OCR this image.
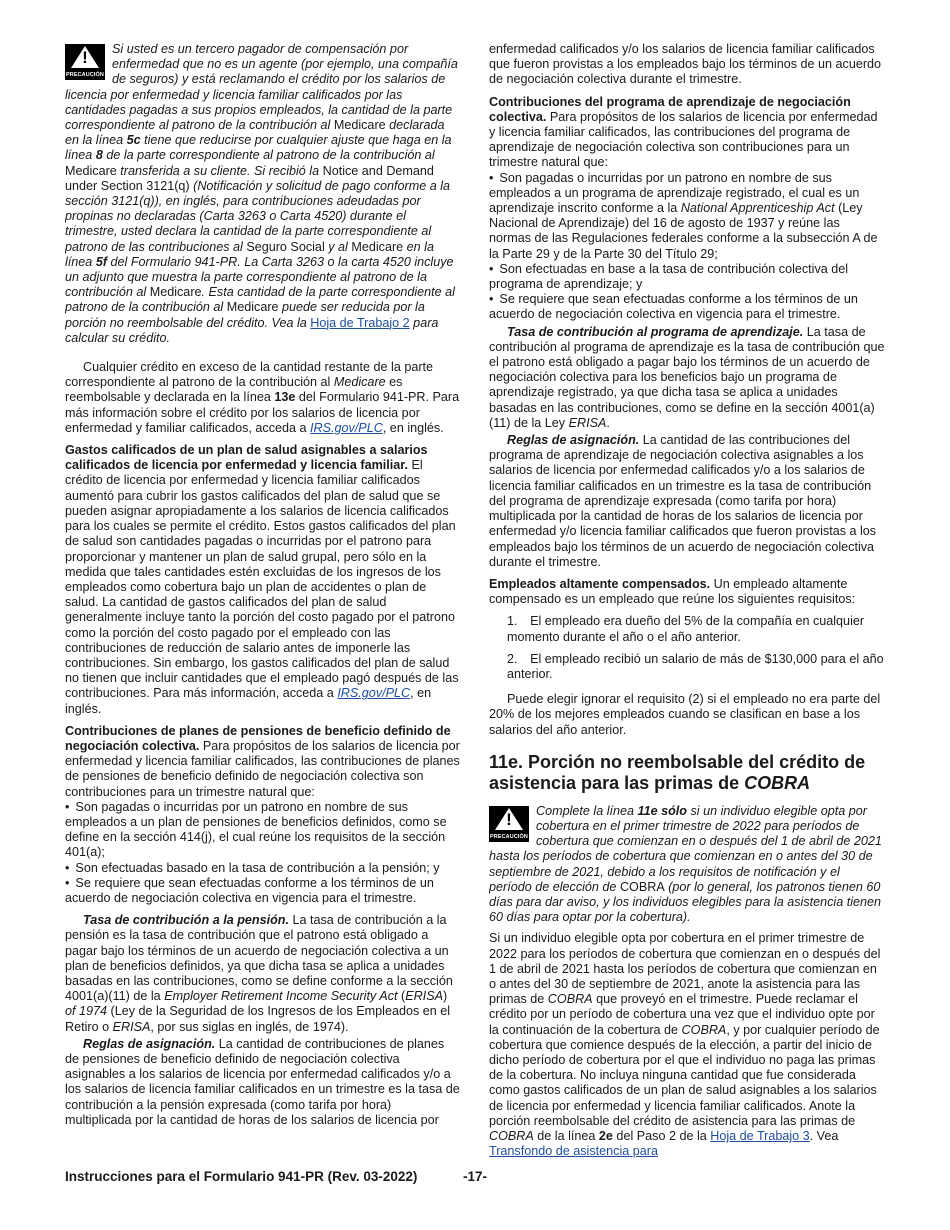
!
PRECAUCIÓN
Si usted es un tercero pagador de compensación por enfermedad que no es un agente (por ejemplo, una compañía de seguros) y está reclamando el crédito por los salarios de licencia por enfermedad y licencia familiar calificados por las cantidades pagadas a sus propios empleados, la cantidad de la parte correspondiente al patrono de la contribución al Medicare declarada en la línea 5c tiene que reducirse por cualquier ajuste que haga en la línea 8 de la parte correspondiente al patrono de la contribución al Medicare transferida a su cliente. Si recibió la Notice and Demand under Section 3121(q) (Notificación y solicitud de pago conforme a la sección 3121(q)), en inglés, para contribuciones adeudadas por propinas no declaradas (Carta 3263 o Carta 4520) durante el trimestre, usted declara la cantidad de la parte correspondiente al patrono de las contribuciones al Seguro Social y al Medicare en la línea 5f del Formulario 941-PR. La Carta 3263 o la carta 4520 incluye un adjunto que muestra la parte correspondiente al patrono de la contribución al Medicare. Esta cantidad de la parte correspondiente al patrono de la contribución al Medicare puede ser reducida por la porción no reembolsable del crédito. Vea la Hoja de Trabajo 2 para calcular su crédito.

Cualquier crédito en exceso de la cantidad restante de la parte correspondiente al patrono de la contribución al Medicare es reembolsable y declarada en la línea 13e del Formulario 941-PR. Para más información sobre el crédito por los salarios de licencia por enfermedad y familiar calificados, acceda a IRS.gov/PLC, en inglés.

Gastos calificados de un plan de salud asignables a salarios calificados de licencia por enfermedad y licencia familiar. El crédito de licencia por enfermedad y licencia familiar calificados aumentó para cubrir los gastos calificados del plan de salud que se pueden asignar apropiadamente a los salarios de licencia calificados para los cuales se permite el crédito. Estos gastos calificados del plan de salud son cantidades pagadas o incurridas por el patrono para proporcionar y mantener un plan de salud grupal, pero sólo en la medida que tales cantidades estén excluidas de los ingresos de los empleados como cobertura bajo un plan de accidentes o plan de salud. La cantidad de gastos calificados del plan de salud generalmente incluye tanto la porción del costo pagado por el patrono como la porción del costo pagado por el empleado con las contribuciones de reducción de salario antes de imponerle las contribuciones. Sin embargo, los gastos calificados del plan de salud no tienen que incluir cantidades que el empleado pagó después de las contribuciones. Para más información, acceda a IRS.gov/PLC, en inglés.

Contribuciones de planes de pensiones de beneficio definido de negociación colectiva. Para propósitos de los salarios de licencia por enfermedad y licencia familiar calificados, las contribuciones de planes de pensiones de beneficio definido de negociación colectiva son contribuciones para un trimestre natural que:

• Son pagadas o incurridas por un patrono en nombre de sus empleados a un plan de pensiones de beneficios definidos, como se define en la sección 414(j), el cual reúne los requisitos de la sección 401(a);
• Son efectuadas basado en la tasa de contribución a la pensión; y
• Se requiere que sean efectuadas conforme a los términos de un acuerdo de negociación colectiva en vigencia para el trimestre.

Tasa de contribución a la pensión. La tasa de contribución a la pensión es la tasa de contribución que el patrono está obligado a pagar bajo los términos de un acuerdo de negociación colectiva a un plan de beneficios definidos, ya que dicha tasa se aplica a unidades basadas en las contribuciones, como se define conforme a la sección 4001(a)(11) de la Employer Retirement Income Security Act (ERISA) of 1974 (Ley de la Seguridad de los Ingresos de los Empleados en el Retiro o ERISA, por sus siglas en inglés, de 1974).

Reglas de asignación. La cantidad de contribuciones de planes de pensiones de beneficio definido de negociación colectiva asignables a los salarios de licencia por enfermedad calificados y/o a los salarios de licencia familiar calificados en un trimestre es la tasa de contribución a la pensión expresada (como tarifa por hora) multiplicada por la cantidad de horas de los salarios de licencia por

enfermedad calificados y/o los salarios de licencia familiar calificados que fueron provistas a los empleados bajo los términos de un acuerdo de negociación colectiva durante el trimestre.

Contribuciones del programa de aprendizaje de negociación colectiva. Para propósitos de los salarios de licencia por enfermedad y licencia familiar calificados, las contribuciones del programa de aprendizaje de negociación colectiva son contribuciones para un trimestre natural que:

• Son pagadas o incurridas por un patrono en nombre de sus empleados a un programa de aprendizaje registrado, el cual es un aprendizaje inscrito conforme a la National Apprenticeship Act (Ley Nacional de Aprendizaje) del 16 de agosto de 1937 y reúne las normas de las Regulaciones federales conforme a la subsección A de la Parte 29 y de la Parte 30 del Título 29;
• Son efectuadas en base a la tasa de contribución colectiva del programa de aprendizaje; y
• Se requiere que sean efectuadas conforme a los términos de un acuerdo de negociación colectiva en vigencia para el trimestre.

Tasa de contribución al programa de aprendizaje. La tasa de contribución al programa de aprendizaje es la tasa de contribución que el patrono está obligado a pagar bajo los términos de un acuerdo de negociación colectiva para los beneficios bajo un programa de aprendizaje registrado, ya que dicha tasa se aplica a unidades basadas en las contribuciones, como se define en la sección 4001(a)(11) de la Ley ERISA.

Reglas de asignación. La cantidad de las contribuciones del programa de aprendizaje de negociación colectiva asignables a los salarios de licencia por enfermedad calificados y/o a los salarios de licencia familiar calificados en un trimestre es la tasa de contribución del programa de aprendizaje expresada (como tarifa por hora) multiplicada por la cantidad de horas de los salarios de licencia por enfermedad y/o licencia familiar calificados que fueron provistas a los empleados bajo los términos de un acuerdo de negociación colectiva durante el trimestre.

Empleados altamente compensados. Un empleado altamente compensado es un empleado que reúne los siguientes requisitos:

1. El empleado era dueño del 5% de la compañía en cualquier momento durante el año o el año anterior.

2. El empleado recibió un salario de más de $130,000 para el año anterior.

Puede elegir ignorar el requisito (2) si el empleado no era parte del 20% de los mejores empleados cuando se clasifican en base a los salarios del año anterior.

11e. Porción no reembolsable del crédito de asistencia para las primas de COBRA
!
PRECAUCIÓN
Complete la línea 11e sólo si un individuo elegible opta por cobertura en el primer trimestre de 2022 para períodos de cobertura que comienzan en o después del 1 de abril de 2021 hasta los períodos de cobertura que comienzan en o antes del 30 de septiembre de 2021, debido a los requisitos de notificación y el período de elección de COBRA (por lo general, los patronos tienen 60 días para dar aviso, y los individuos elegibles para la asistencia tienen 60 días para optar por la cobertura).

Si un individuo elegible opta por cobertura en el primer trimestre de 2022 para los períodos de cobertura que comienzan en o después del 1 de abril de 2021 hasta los períodos de cobertura que comienzan en o antes del 30 de septiembre de 2021, anote la asistencia para las primas de COBRA que proveyó en el trimestre. Puede reclamar el crédito por un período de cobertura una vez que el individuo opte por la continuación de la cobertura de COBRA, y por cualquier período de cobertura que comience después de la elección, a partir del inicio de dicho período de cobertura por el que el individuo no paga las primas de la cobertura. No incluya ninguna cantidad que fue considerada como gastos calificados de un plan de salud asignables a los salarios de licencia por enfermedad y licencia familiar calificados. Anote la porción reembolsable del crédito de asistencia para las primas de COBRA de la línea 2e del Paso 2 de la Hoja de Trabajo 3. Vea Transfondo de asistencia para

Instrucciones para el Formulario 941-PR (Rev. 03-2022)	-17-
